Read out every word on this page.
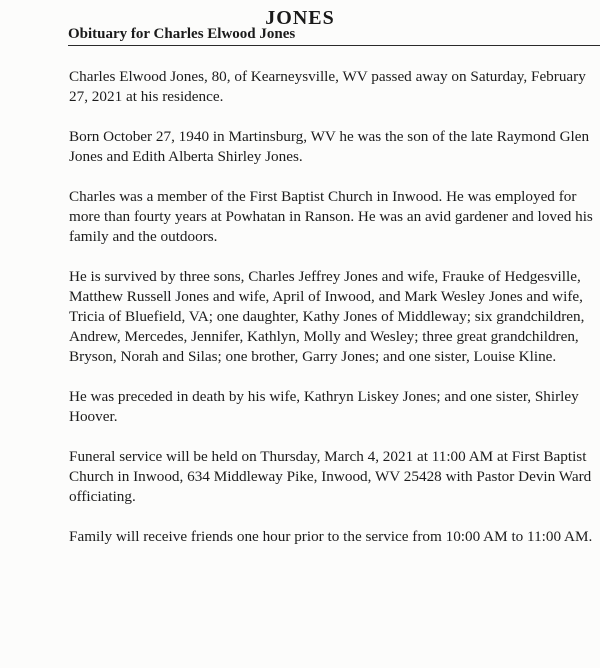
JONES
Obituary for Charles Elwood Jones

Charles Elwood Jones, 80, of Kearneysville, WV passed away on Saturday, February 27, 2021 at his residence.

Born October 27, 1940 in Martinsburg, WV he was the son of the late Raymond Glen Jones and Edith Alberta Shirley Jones.

Charles was a member of the First Baptist Church in Inwood. He was employed for more than fourty years at Powhatan in Ranson. He was an avid gardener and loved his family and the outdoors.

He is survived by three sons, Charles Jeffrey Jones and wife, Frauke of Hedgesville, Matthew Russell Jones and wife, April of Inwood, and Mark Wesley Jones and wife, Tricia of Bluefield, VA; one daughter, Kathy Jones of Middleway; six grandchildren, Andrew, Mercedes, Jennifer, Kathlyn, Molly and Wesley; three great grandchildren, Bryson, Norah and Silas; one brother, Garry Jones; and one sister, Louise Kline.

He was preceded in death by his wife, Kathryn Liskey Jones; and one sister, Shirley Hoover.

Funeral service will be held on Thursday, March 4, 2021 at 11:00 AM at First Baptist Church in Inwood, 634 Middleway Pike, Inwood, WV 25428 with Pastor Devin Ward officiating.

Family will receive friends one hour prior to the service from 10:00 AM to 11:00 AM.
